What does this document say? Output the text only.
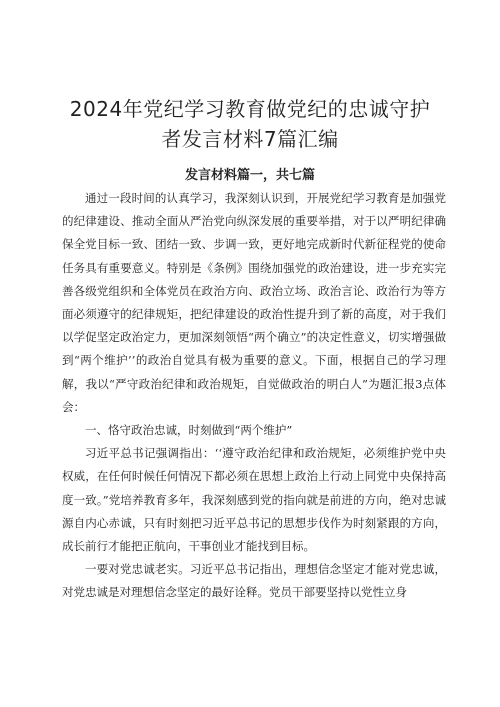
2024年党纪学习教育做党纪的忠诚守护者发言材料7篇汇编
发言材料篇一，共七篇

通过一段时间的认真学习，我深刻认识到，开展党纪学习教育是加强党的纪律建设、推动全面从严治党向纵深发展的重要举措，对于以严明纪律确保全党目标一致、团结一致、步调一致，更好地完成新时代新征程党的使命任务具有重要意义。特别是《条例》围绕加强党的政治建设，进一步充实完善各级党组织和全体党员在政治方向、政治立场、政治言论、政治行为等方面必须遵守的纪律规矩，把纪律建设的政治性提升到了新的高度，对于我们以学促坚定政治定力，更加深刻领悟“两个确立”的决定性意义，切实增强做到“两个维护’’的政治自觉具有极为重要的意义。下面，根据自己的学习理解，我以“严守政治纪律和政治规矩，自觉做政治的明白人”为题汇报3点体会：

一、恪守政治忠诚，时刻做到“两个维护”

习近平总书记强调指出：‘‘遵守政治纪律和政治规矩，必须维护党中央权威，在任何时候任何情况下都必须在思想上政治上行动上同党中央保持高度一致。”党培养教育多年，我深刻感到党的指向就是前进的方向，绝对忠诚源自内心赤诚，只有时刻把习近平总书记的思想步伐作为时刻紧跟的方向，成长前行才能把正航向，干事创业才能找到目标。

一要对党忠诚老实。习近平总书记指出，理想信念坚定才能对党忠诚，对党忠诚是对理想信念坚定的最好诠释。党员干部要坚持以党性立身
